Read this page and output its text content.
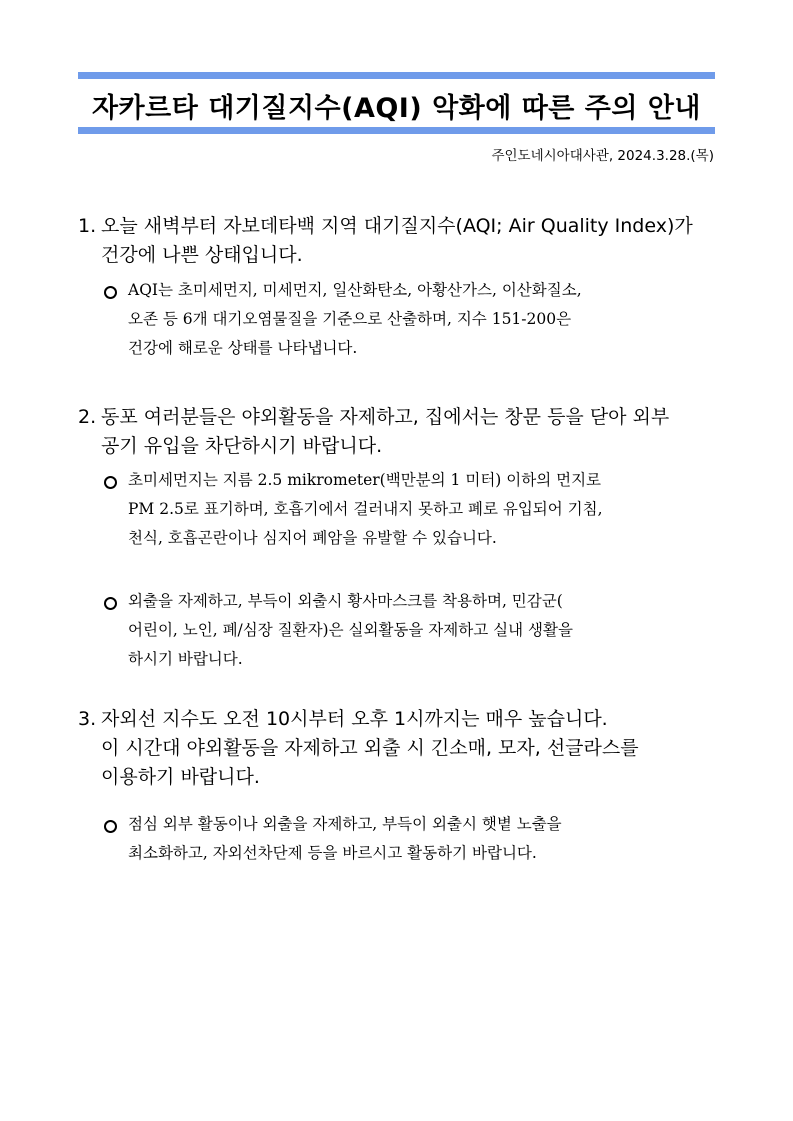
자카르타 대기질지수(AQI) 악화에 따른 주의 안내
주인도네시아대사관, 2024.3.28.(목)
1. 오늘 새벽부터 자보데타백 지역 대기질지수(AQI; Air Quality Index)가
건강에 나쁜 상태입니다.
AQI는 초미세먼지, 미세먼지, 일산화탄소, 아황산가스, 이산화질소,
오존 등 6개 대기오염물질을 기준으로 산출하며, 지수 151-200은
건강에 해로운 상태를 나타냅니다.
2. 동포 여러분들은 야외활동을 자제하고, 집에서는 창문 등을 닫아 외부
공기 유입을 차단하시기 바랍니다.
초미세먼지는 지름 2.5 mikrometer(백만분의 1 미터) 이하의 먼지로
PM 2.5로 표기하며, 호흡기에서 걸러내지 못하고 폐로 유입되어 기침,
천식, 호흡곤란이나 심지어 폐암을 유발할 수 있습니다.
외출을 자제하고, 부득이 외출시 황사마스크를 착용하며, 민감군(
어린이, 노인, 폐/심장 질환자)은 실외활동을 자제하고 실내 생활을
하시기 바랍니다.
3. 자외선 지수도 오전 10시부터 오후 1시까지는 매우 높습니다.
이 시간대 야외활동을 자제하고 외출 시 긴소매, 모자, 선글라스를
이용하기 바랍니다.
점심 외부 활동이나 외출을 자제하고, 부득이 외출시 햇볕 노출을
최소화하고, 자외선차단제 등을 바르시고 활동하기 바랍니다.
